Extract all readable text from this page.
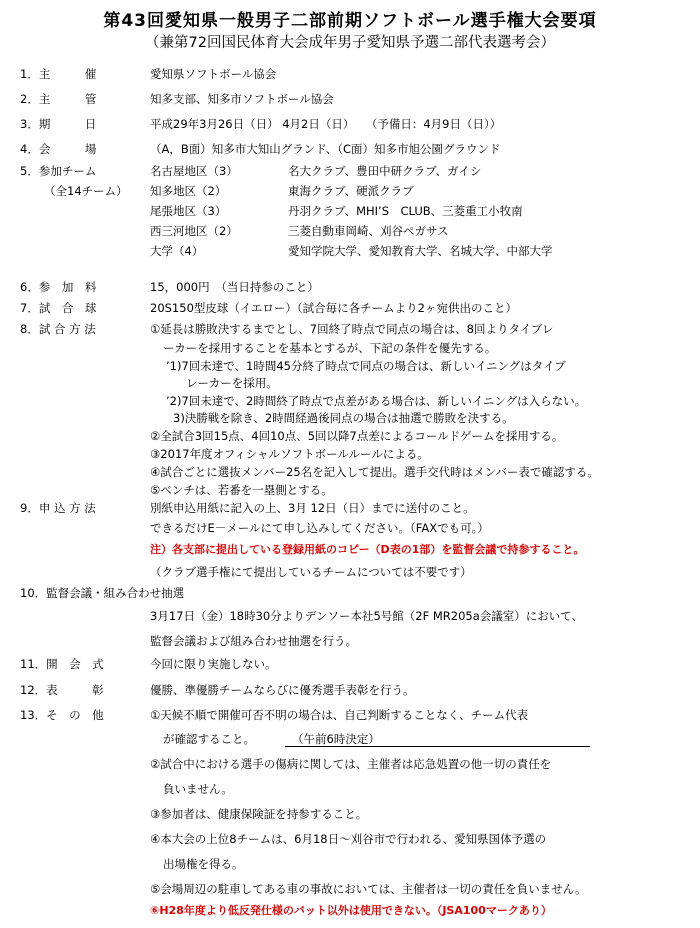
第43回愛知県一般男子二部前期ソフトボール選手権大会要項
（兼第72回国民体育大会成年男子愛知県予選二部代表選考会）
1．主　　　催	愛知県ソフトボール協会
2．主　　　管	知多支部、知多市ソフトボール協会
3．期　　　日	平成29年3月26日（日） 4月2日（日）　　（予備日：4月9日（日））
4．会　　　場	（A，B面）知多市大知山グランド、（C面）知多市旭公園グラウンド
5．参加チーム
（全14チーム）
名古屋地区（3）	名大クラブ、豊田中研クラブ、ガイシ
知多地区（2）	東海クラブ、硬派クラブ
尾張地区（3）	丹羽クラブ、MHI’S　CLUB、三菱重工小牧南
西三河地区（2）	三菱自動車岡崎、刈谷ペガサス
大学（4）	愛知学院大学、愛知教育大学、名城大学、中部大学
6．参　加　料	15，000円　（当日持参のこと）
7．試　合　球	20S150型皮球（イエロー）（試合毎に各チームより2ヶ宛供出のこと）
8．試 合 方 法	①延長は勝敗決するまでとし、7回終了時点で同点の場合は、8回よりタイブレ
ーカーを採用することを基本とするが、下記の条件を優先する。
’1)7回未達で、1時間45分終了時点で同点の場合は、新しいイニングはタイブ
レーカーを採用。
’2)7回未達で、2時間終了時点で点差がある場合は、新しいイニングは入らない。
3)決勝戦を除き、2時間経過後同点の場合は抽選で勝敗を決する。
②全試合3回15点、4回10点、5回以降7点差によるコールドゲームを採用する。
③2017年度オフィシャルソフトボールルールによる。
④試合ごとに選抜メンバー25名を記入して提出。選手交代時はメンバー表で確認する。
⑤ベンチは、若番を一塁側とする。
9．申 込 方 法	別紙申込用紙に記入の上、3月 12日（日）までに送付のこと。
できるだけE－メールにて申し込みしてください。（FAXでも可。）
注）各支部に提出している登録用紙のコピー（D表の1部）を監督会議で持参すること。
（クラブ選手権にて提出しているチームについては不要です）
10．監督会議・組み合わせ抽選
3月17日（金）18時30分よりデンソー本社5号館（2F MR205a会議室）において、
監督会議および組み合わせ抽選を行う。
11．開　会　式	今回に限り実施しない。
12．表　　　彰	優勝、準優勝チームならびに優秀選手表彰を行う。
13．そ　の　他	①天候不順で開催可否不明の場合は、自己判断することなく、チーム代表
が確認すること。	（午前6時決定）
②試合中における選手の傷病に関しては、主催者は応急処置の他一切の責任を
負いません。
③参加者は、健康保険証を持参すること。
④本大会の上位8チームは、6月18日～刈谷市で行われる、愛知県国体予選の
出場権を得る。
⑤会場周辺の駐車してある車の事故においては、主催者は一切の責任を負いません。
⑥H28年度より低反発仕様のバット以外は使用できない。（JSA100マークあり）
